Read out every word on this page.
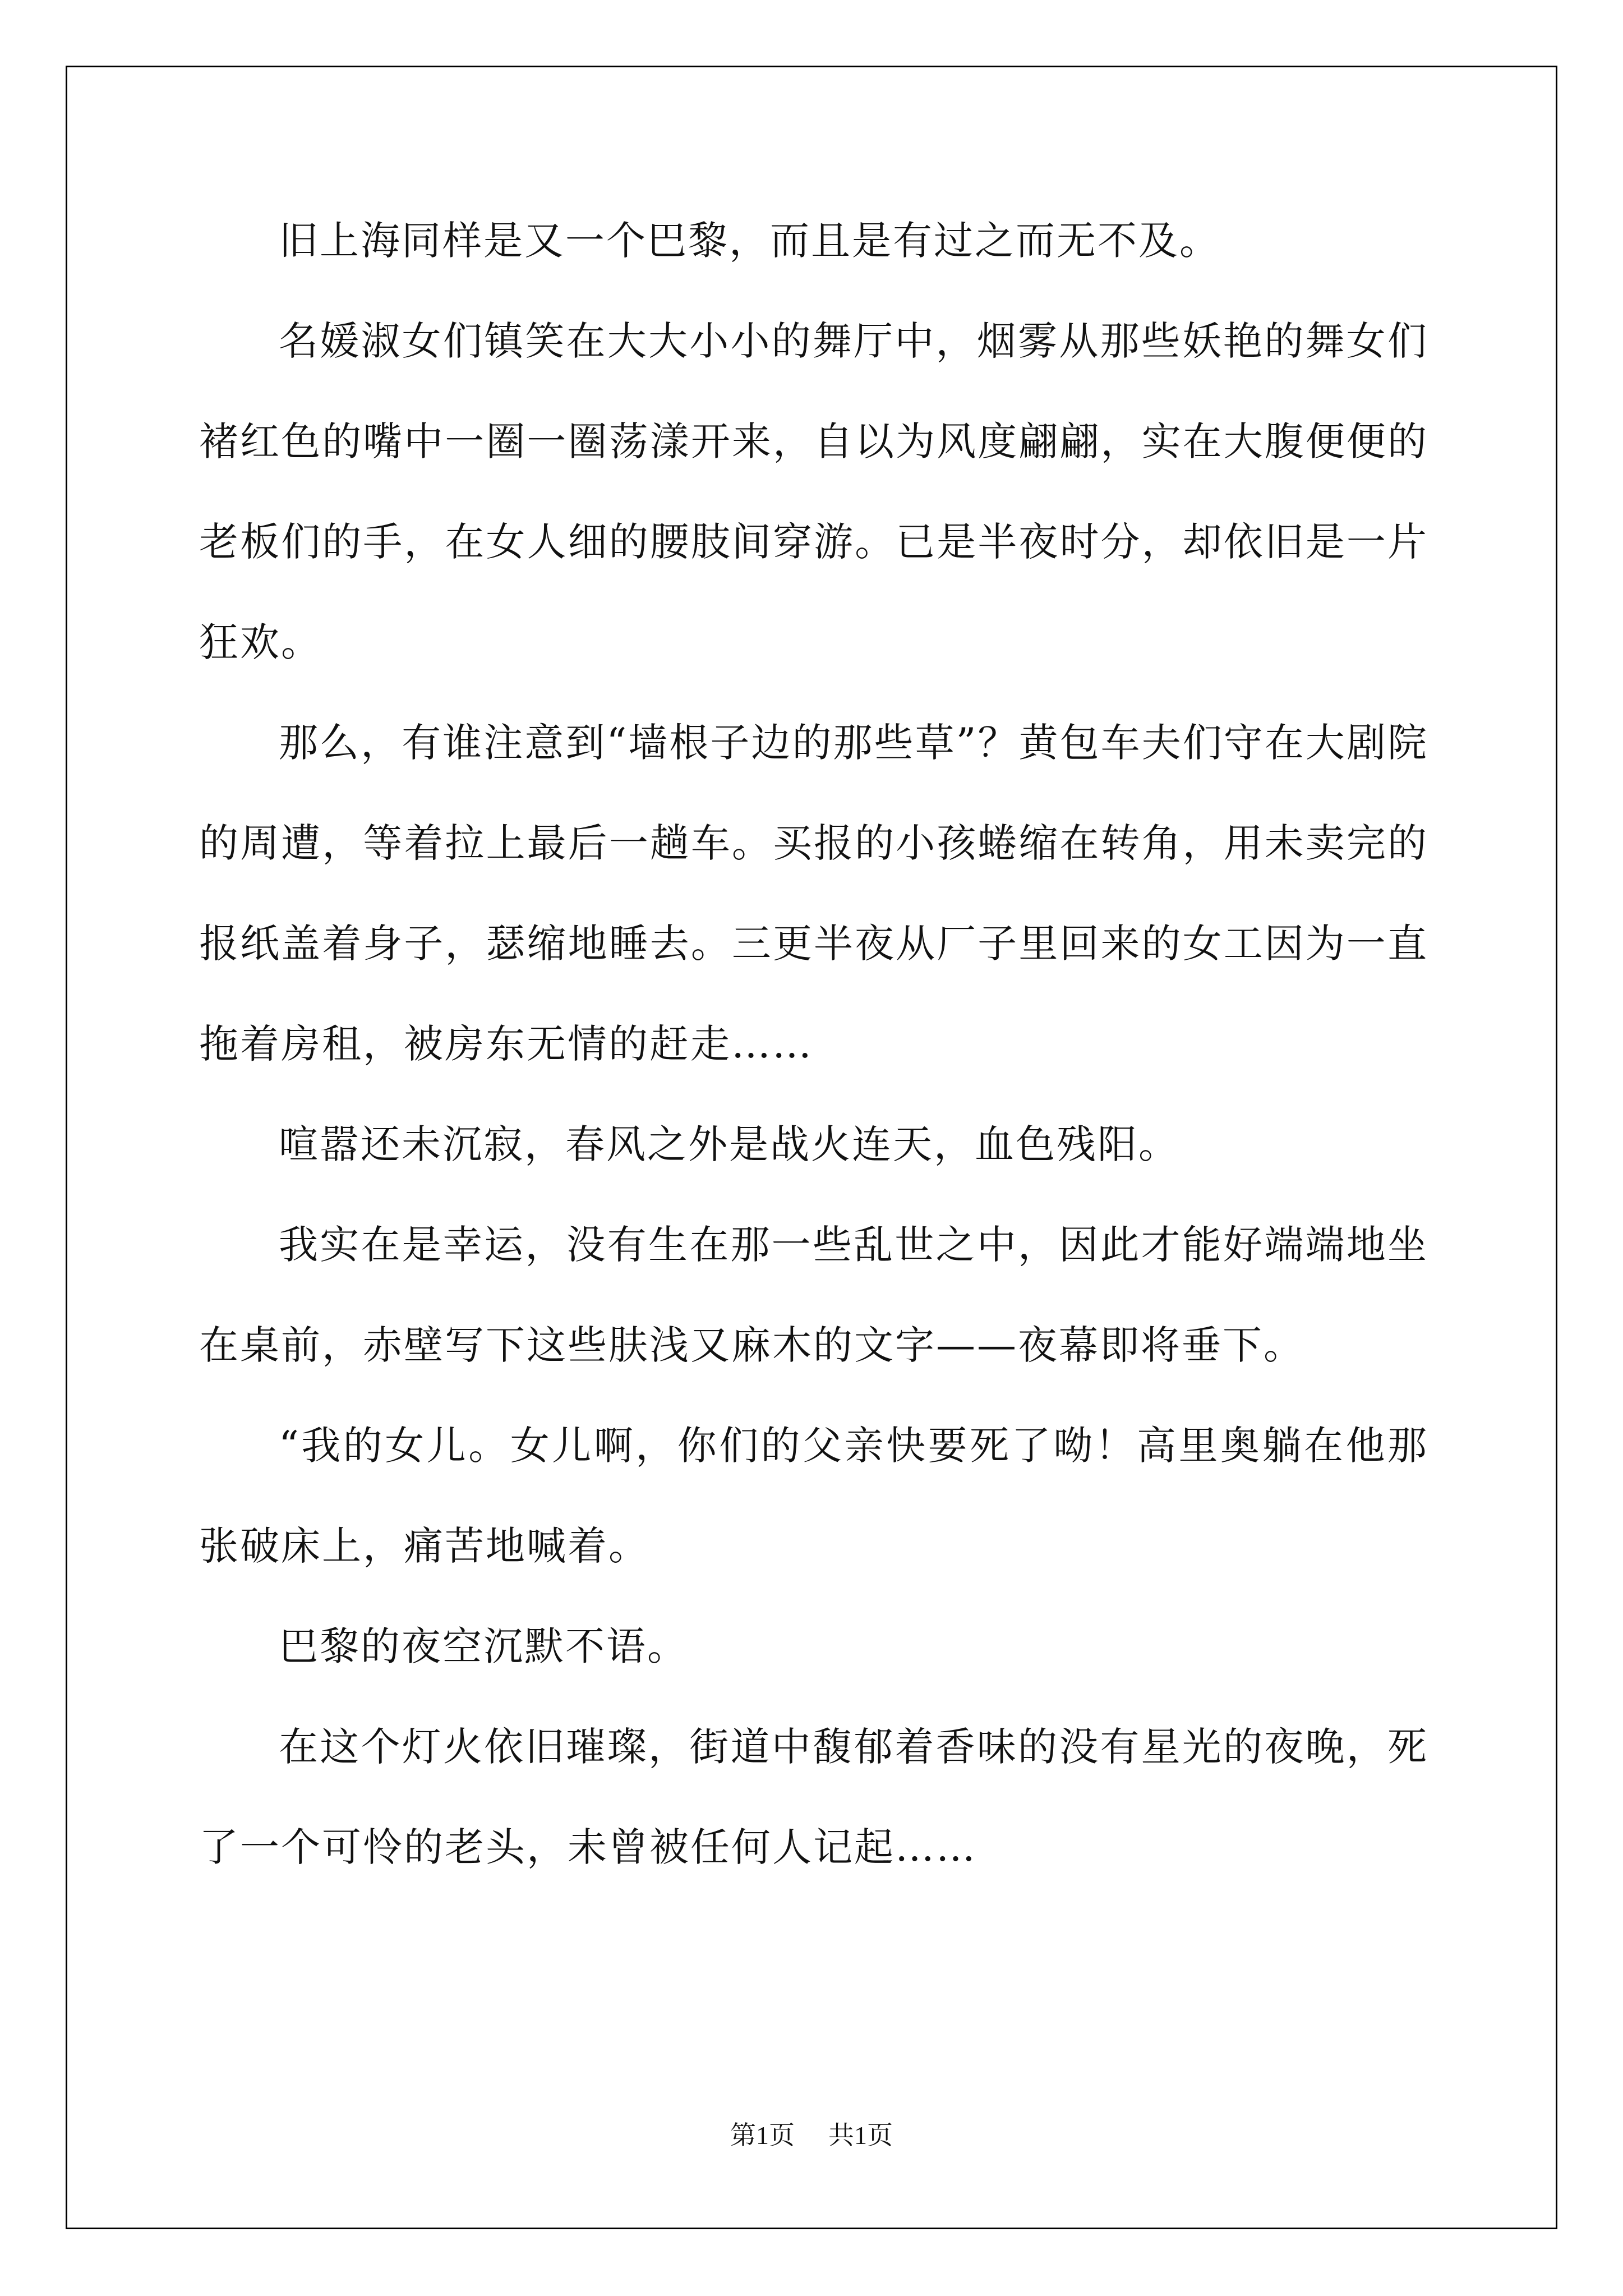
旧上海同样是又一个巴黎，而且是有过之而无不及。

名媛淑女们镇笑在大大小小的舞厅中，烟雾从那些妖艳的舞女们褚红色的嘴中一圈一圈荡漾开来，自以为风度翩翩，实在大腹便便的老板们的手，在女人细的腰肢间穿游。已是半夜时分，却依旧是一片狂欢。

那么，有谁注意到“墙根子边的那些草”？黄包车夫们守在大剧院的周遭，等着拉上最后一趟车。买报的小孩蜷缩在转角，用未卖完的报纸盖着身子，瑟缩地睡去。三更半夜从厂子里回来的女工因为一直拖着房租，被房东无情的赶走……

喧嚣还未沉寂，春风之外是战火连天，血色残阳。

我实在是幸运，没有生在那一些乱世之中，因此才能好端端地坐在桌前，赤壁写下这些肤浅又麻木的文字——夜幕即将垂下。

“我的女儿。女儿啊，你们的父亲快要死了呦！高里奥躺在他那张破床上，痛苦地喊着。

巴黎的夜空沉默不语。

在这个灯火依旧璀璨，街道中馥郁着香味的没有星光的夜晚，死了一个可怜的老头，未曾被任何人记起……

第1页 共1页
